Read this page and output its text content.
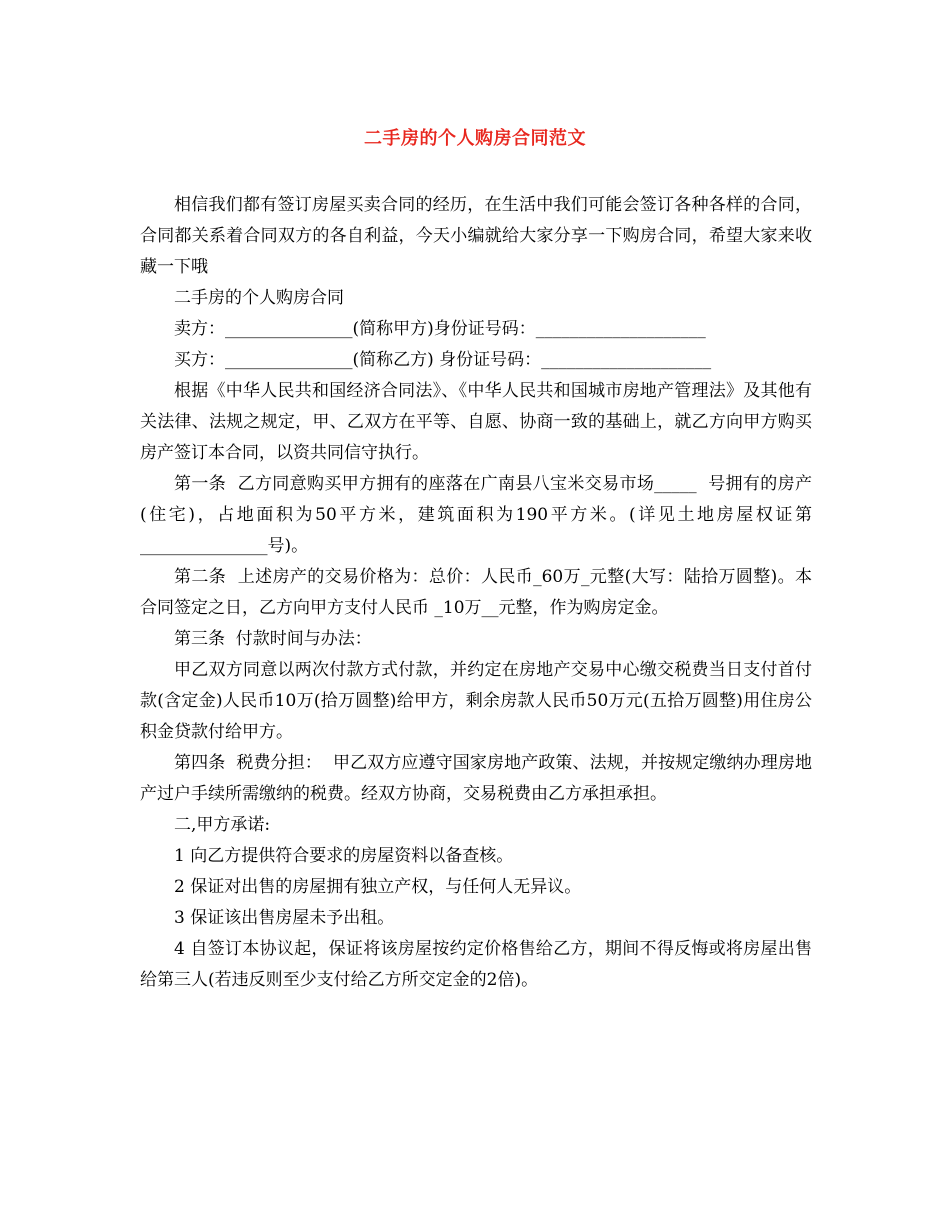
二手房的个人购房合同范文

相信我们都有签订房屋买卖合同的经历，在生活中我们可能会签订各种各样的合同，合同都关系着合同双方的各自利益，今天小编就给大家分享一下购房合同，希望大家来收藏一下哦

二手房的个人购房合同

卖方：_______________(简称甲方)身份证号码：____________________

买方：_______________(简称乙方) 身份证号码：____________________

根据《中华人民共和国经济合同法》、《中华人民共和国城市房地产管理法》及其他有关法律、法规之规定，甲、乙双方在平等、自愿、协商一致的基础上，就乙方向甲方购买房产签订本合同，以资共同信守执行。

第一条  乙方同意购买甲方拥有的座落在广南县八宝米交易市场_____  号拥有的房产(住宅)，占地面积为50平方米，建筑面积为190平方米。(详见土地房屋权证第_______________号)。

第二条  上述房产的交易价格为：总价：人民币_60万_元整(大写：陆拾万圆整)。本合同签定之日，乙方向甲方支付人民币 _10万__元整，作为购房定金。

第三条  付款时间与办法：

甲乙双方同意以两次付款方式付款，并约定在房地产交易中心缴交税费当日支付首付款(含定金)人民币10万(拾万圆整)给甲方，剩余房款人民币50万元(五拾万圆整)用住房公积金贷款付给甲方。

第四条  税费分担：  甲乙双方应遵守国家房地产政策、法规，并按规定缴纳办理房地产过户手续所需缴纳的税费。经双方协商，交易税费由乙方承担承担。

二,甲方承诺:

1 向乙方提供符合要求的房屋资料以备查核。

2 保证对出售的房屋拥有独立产权，与任何人无异议。

3 保证该出售房屋未予出租。

4 自签订本协议起，保证将该房屋按约定价格售给乙方，期间不得反悔或将房屋出售给第三人(若违反则至少支付给乙方所交定金的2倍)。
